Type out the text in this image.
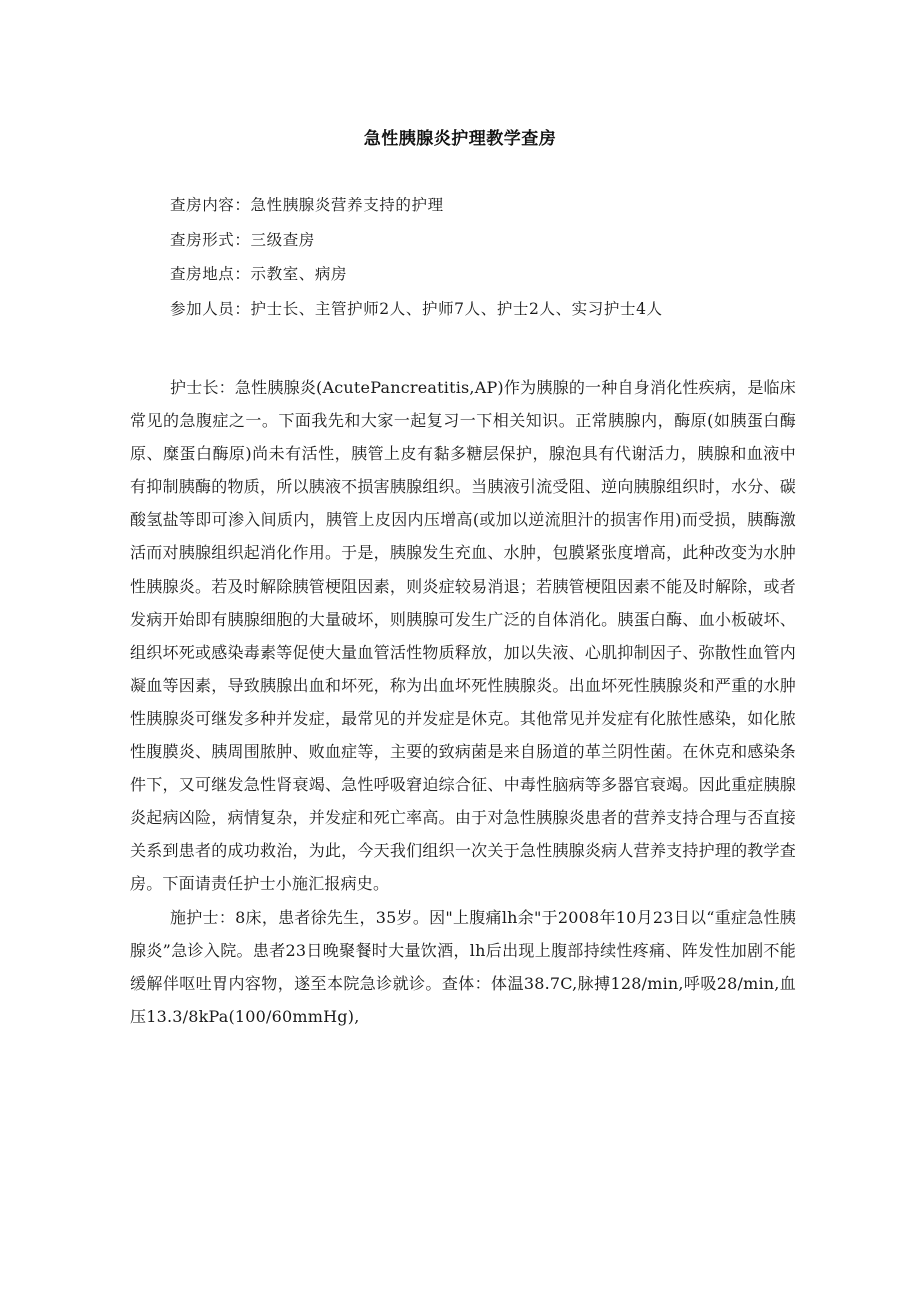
急性胰腺炎护理教学查房
查房内容：急性胰腺炎营养支持的护理
查房形式：三级查房
查房地点：示教室、病房
参加人员：护士长、主管护师2人、护师7人、护士2人、实习护士4人

护士长：急性胰腺炎(AcutePancreatitis,AP)作为胰腺的一种自身消化性疾病，是临床常见的急腹症之一。下面我先和大家一起复习一下相关知识。正常胰腺内，酶原(如胰蛋白酶原、糜蛋白酶原)尚未有活性，胰管上皮有黏多糖层保护，腺泡具有代谢活力，胰腺和血液中有抑制胰酶的物质，所以胰液不损害胰腺组织。当胰液引流受阻、逆向胰腺组织时，水分、碳酸氢盐等即可渗入间质内，胰管上皮因内压增高(或加以逆流胆汁的损害作用)而受损，胰酶激活而对胰腺组织起消化作用。于是，胰腺发生充血、水肿，包膜紧张度增高，此种改变为水肿性胰腺炎。若及时解除胰管梗阻因素，则炎症较易消退；若胰管梗阻因素不能及时解除，或者发病开始即有胰腺细胞的大量破坏，则胰腺可发生广泛的自体消化。胰蛋白酶、血小板破坏、组织坏死或感染毒素等促使大量血管活性物质释放，加以失液、心肌抑制因子、弥散性血管内凝血等因素，导致胰腺出血和坏死，称为出血坏死性胰腺炎。出血坏死性胰腺炎和严重的水肿性胰腺炎可继发多种并发症，最常见的并发症是休克。其他常见并发症有化脓性感染，如化脓性腹膜炎、胰周围脓肿、败血症等，主要的致病菌是来自肠道的革兰阴性菌。在休克和感染条件下，又可继发急性肾衰竭、急性呼吸窘迫综合征、中毒性脑病等多器官衰竭。因此重症胰腺炎起病凶险，病情复杂，并发症和死亡率高。由于对急性胰腺炎患者的营养支持合理与否直接关系到患者的成功救治，为此，今天我们组织一次关于急性胰腺炎病人营养支持护理的教学查房。下面请责任护士小施汇报病史。

施护士：8床，患者徐先生，35岁。因"上腹痛lh余"于2008年10月23日以“重症急性胰腺炎”急诊入院。患者23日晚聚餐时大量饮酒，lh后出现上腹部持续性疼痛、阵发性加剧不能缓解伴呕吐胃内容物，遂至本院急诊就诊。查体：体温38.7C,脉搏128/min,呼吸28/min,血压13.3/8kPa(100/60mmHg),
